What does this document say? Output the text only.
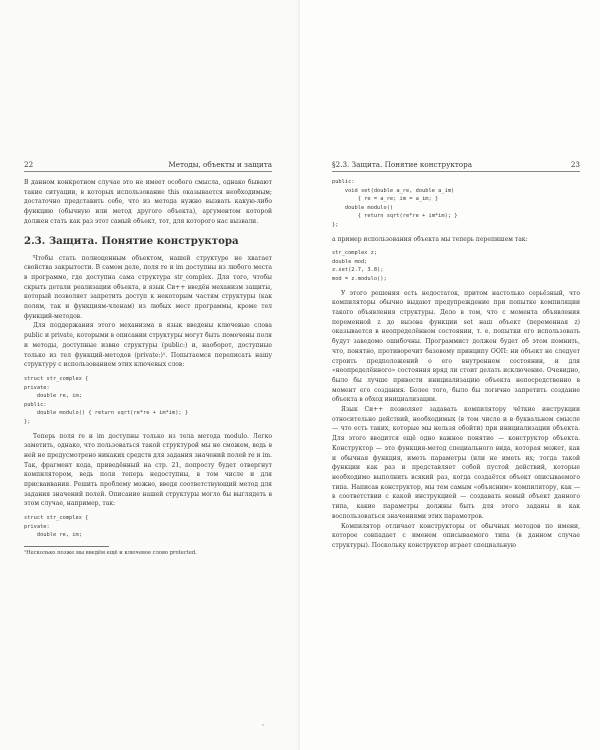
22	Методы, объекты и защита

В данном конкретном случае это не имеет особого смысла, однако бывают такие ситуации, в которых использование this оказывается необходимым; достаточно представить себе, что из метода нужно вызвать какую-либо функцию (обычную или метод другого объекта), аргументом которой должен стать как раз этот самый объект, тот, для которого нас вызвали.

2.3. Защита. Понятие конструктора

Чтобы стать полноценным объектом, нашей структуре не хватает свойства закрытости. В самом деле, поля re и im доступны из любого места в программе, где доступна сама структура str_complex. Для того, чтобы скрыть детали реализации объекта, в язык Си++ введён механизм защиты, который позволяет запретить доступ к некоторым частям структуры (как полям, так и функциям-членам) из любых мест программы, кроме тел функций-методов.

Для поддержания этого механизма в язык введены ключевые слова public и private, которыми в описании структуры могут быть помечены поля и методы, доступные извне структуры (public:) и, наоборот, доступные только из тел функций-методов (private:)¹. Попытаемся переписать нашу структуру с использованием этих ключевых слов:

struct str_complex {
private:
double re, im;
public:
double modulo() { return sqrt(re*re + im*im); }
};

Теперь поля re и im доступны только из тела метода modulo. Легко заметить, однако, что пользоваться такой структурой мы не сможем, ведь в ней не предусмотрено никаких средств для задания значений полей re и im. Так, фрагмент кода, приведённый на стр. 21, попросту будет отвергнут компилятором, ведь поля теперь недоступны, в том числе и для присваивания. Решить проблему можно, введя соответствующий метод для задания значений полей. Описание нашей структуры могло бы выглядеть в этом случае, например, так:

struct str_complex {
private:
double re, im;

¹Несколько позже мы введём ещё и ключевое слово protected.

§2.3. Защита. Понятие конструктора	23
public:
void set(double a_re, double a_im)
{ re = a_re; im = a_im; }
double modulo()
{ return sqrt(re*re + im*im); }
};

а пример использования объекта мы теперь перепишем так:

str_complex z;
double mod;
z.set(2.7, 3.8);
mod = z.modulo();

У этого решения есть недостаток, притом настолько серьёзный, что компиляторы обычно выдают предупреждение при попытке компиляции такого объявления структуры. Дело в том, что с момента объявления переменной z до вызова функции set наш объект (переменная z) оказывается в неопределённом состоянии, т. е. попытки его использовать будут заведомо ошибочны. Программист должен будет об этом помнить, что, понятно, противоречит базовому принципу ООП: ни объект не следует строить предположений о его внутреннем состоянии, и для «неопределённого» состояния вряд ли стоит делать исключение. Очевидно, было бы лучше привести инициализацию объекта непосредственно в момент его создания. Более того, было бы логично запретить создание объекта в обход инициализации.

Язык Си++ позволяет задавать компилятору чёткие инструкции относительно действий, необходимых (в том числе и в буквальном смысле — что есть таких, которые мы нельзя обойти) при инициализации объекта. Для этого вводится ещё одно важное понятие — конструктор объекта. Конструктор — это функция-метод специального вида, которая может, как и обычная функция, иметь параметры (или не иметь их; тогда такой функции как раз и представляет собой пустой действий, которые необходимо выполнить всякий раз, когда создаётся объект описываемого типа. Написав конструктор, мы тем самым «объясним» компилятору, как — в соответствии с какой инструкцией — создавать новый объект данного типа, какие параметры должны быть для этого заданы и как воспользоваться значениями этих параметров.

Компилятор отличает конструкторы от обычных методов по имени, которое совпадает с именем описываемого типа (в данном случае структуры). Поскольку конструктор играет специальную
